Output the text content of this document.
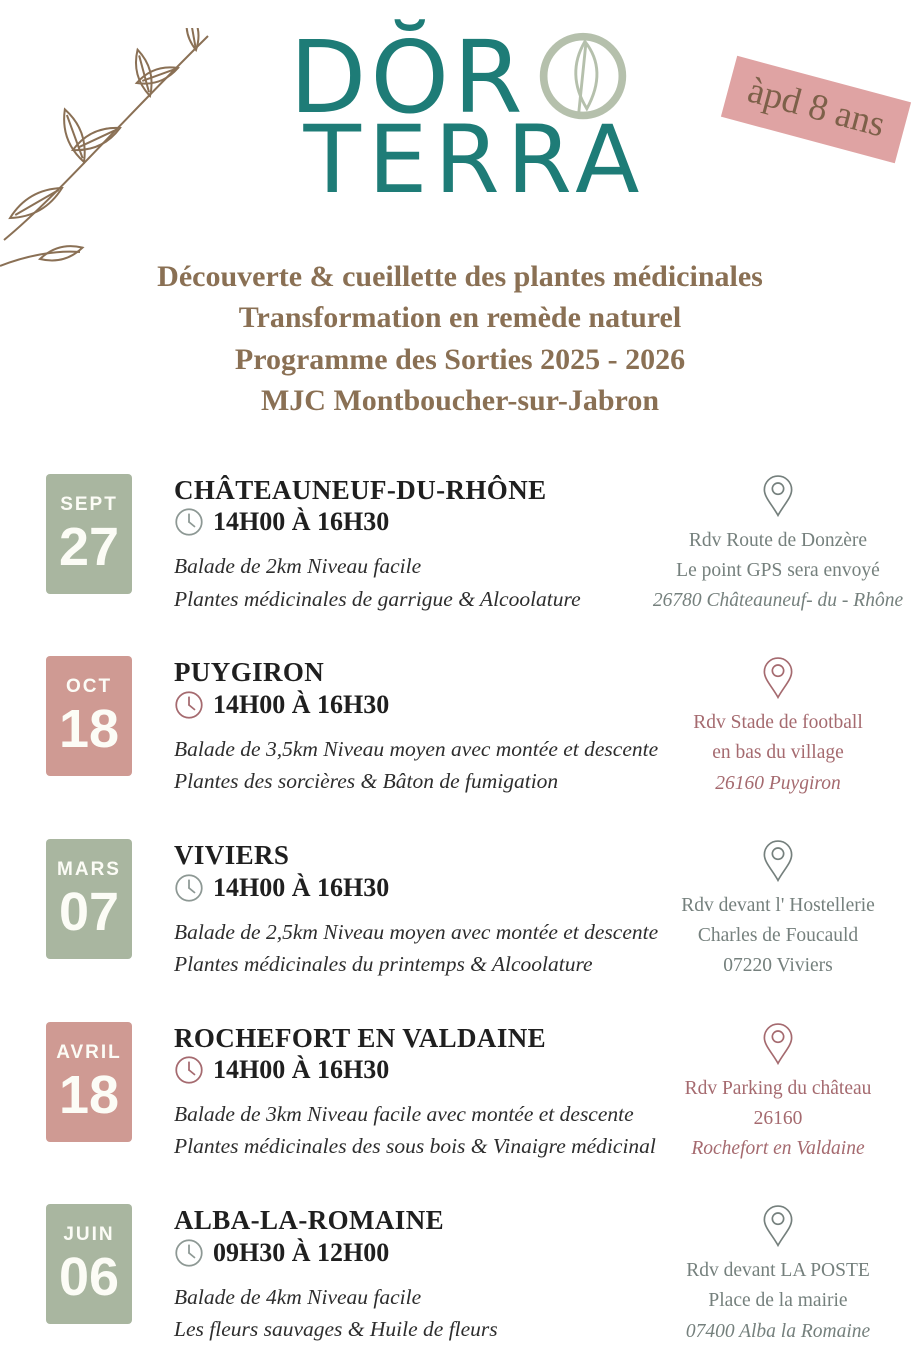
DŎR
TERRA	àpd 8 ans
Découverte & cueillette des plantes médicinales
Transformation en remède naturel
Programme des Sorties 2025 - 2026
MJC Montboucher-sur-Jabron
SEPT
27
CHÂTEAUNEUF-DU-RHÔNE
14H00 À 16H30
Balade de 2km Niveau facile
Plantes médicinales de garrigue & Alcoolature
Rdv Route de Donzère
Le point GPS sera envoyé
26780 Châteauneuf- du - Rhône
OCT
18
PUYGIRON
14H00 À 16H30
Balade de 3,5km Niveau moyen avec montée et descente
Plantes des sorcières & Bâton de fumigation
Rdv Stade de football
en bas du village
26160 Puygiron
MARS
07
VIVIERS
14H00 À 16H30
Balade de 2,5km Niveau moyen avec montée et descente
Plantes médicinales du printemps & Alcoolature
Rdv devant l' Hostellerie
Charles de Foucauld
07220 Viviers
AVRIL
18
ROCHEFORT EN VALDAINE
14H00 À 16H30
Balade de 3km Niveau facile avec montée et descente
Plantes médicinales des sous bois & Vinaigre médicinal
Rdv Parking du château
26160
Rochefort en Valdaine
JUIN
06
ALBA-LA-ROMAINE
09H30 À 12H00
Balade de 4km Niveau facile
Les fleurs sauvages & Huile de fleurs
Rdv devant LA POSTE
Place de la mairie
07400 Alba la Romaine
